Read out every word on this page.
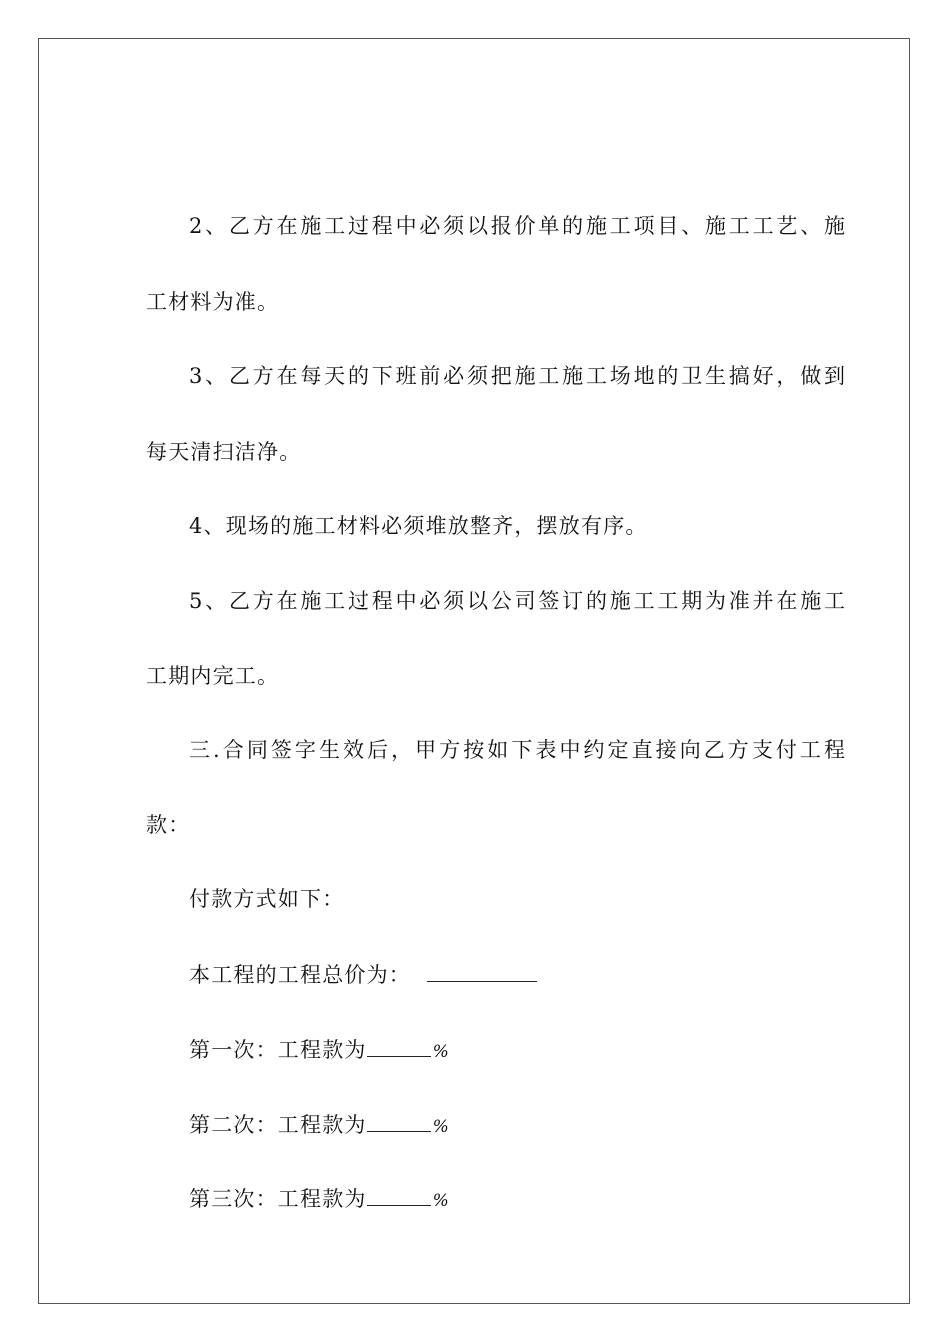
2、乙方在施工过程中必须以报价单的施工项目、施工工艺、施
工材料为准。
3、乙方在每天的下班前必须把施工施工场地的卫生搞好，做到
每天清扫洁净。
4、现场的施工材料必须堆放整齐，摆放有序。
5、乙方在施工过程中必须以公司签订的施工工期为准并在施工
工期内完工。
三.合同签字生效后，甲方按如下表中约定直接向乙方支付工程
款：
付款方式如下：
本工程的工程总价为：
第一次：工程款为	%
第二次：工程款为	%
第三次：工程款为	%
